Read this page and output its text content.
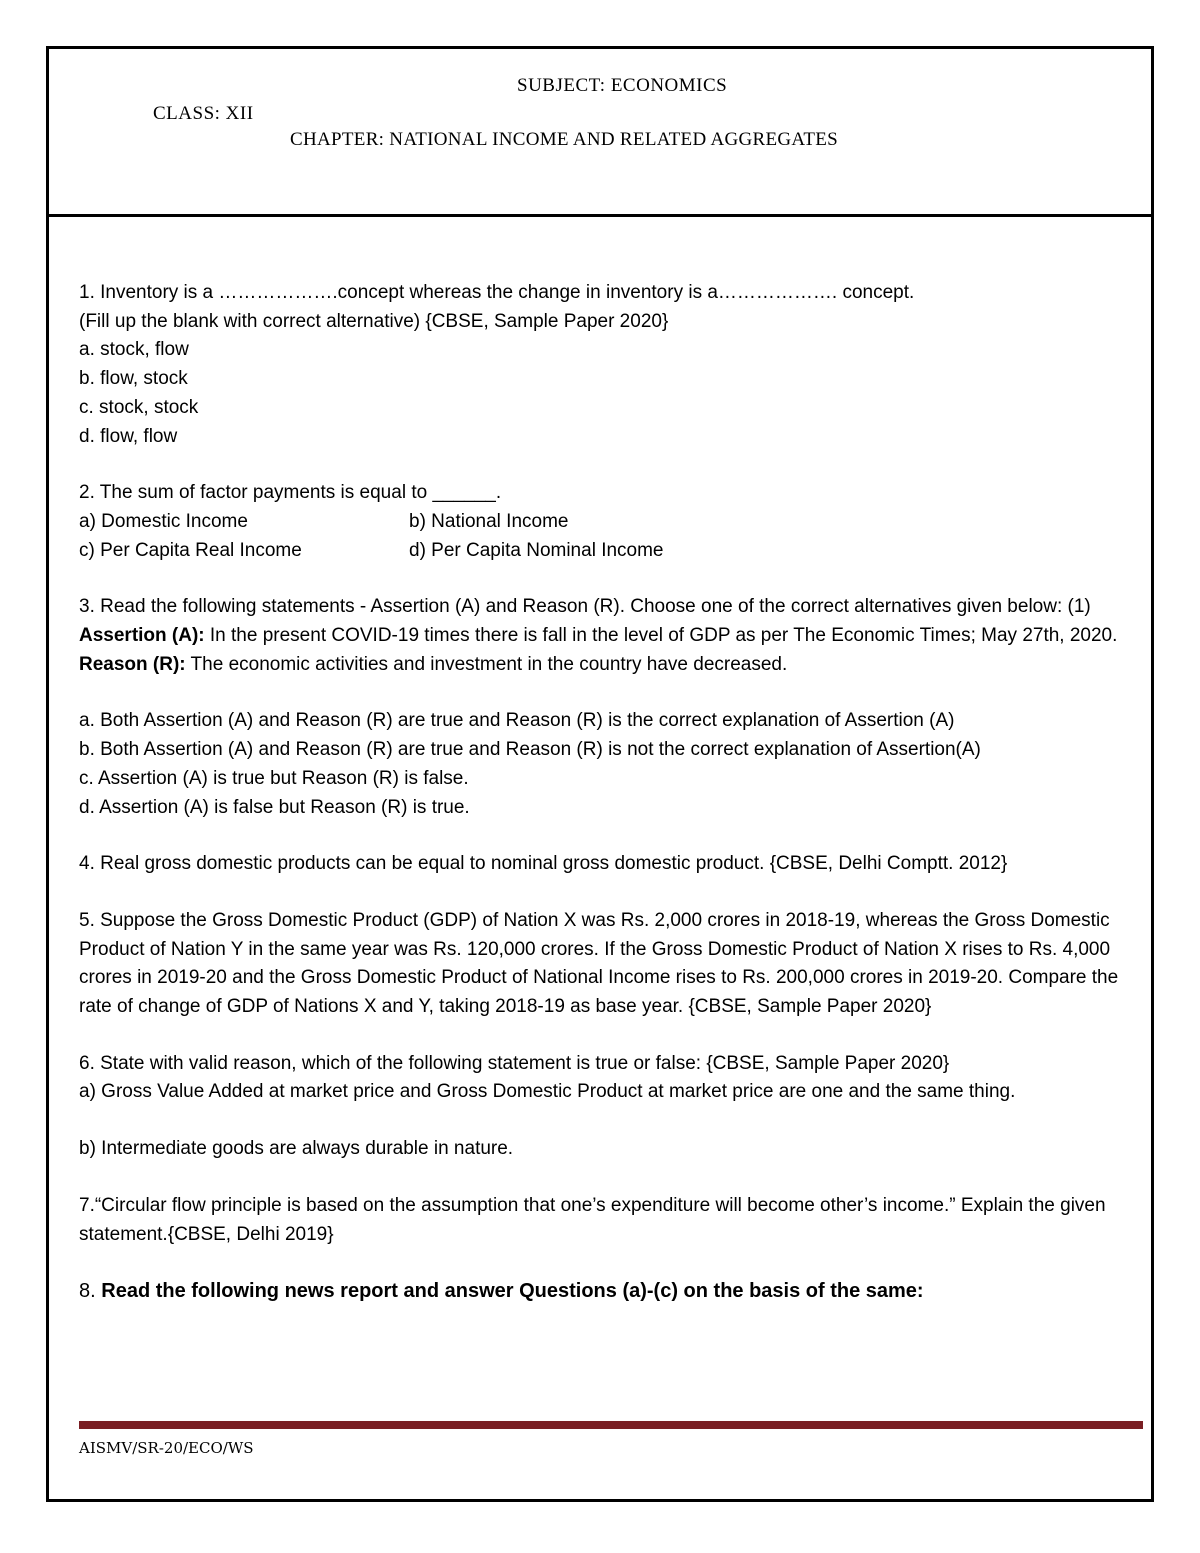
SUBJECT: ECONOMICS
CLASS: XII
CHAPTER: NATIONAL INCOME AND RELATED AGGREGATES

1. Inventory is a ……………….concept whereas the change in inventory is a………………. concept.

(Fill up the blank with correct alternative) {CBSE, Sample Paper 2020}

a. stock, flow

b. flow, stock

c. stock, stock

d. flow, flow

2. The sum of factor payments is equal to ______.

a) Domestic Income	b) National Income
c) Per Capita Real Income	d) Per Capita Nominal Income

3. Read the following statements - Assertion (A) and Reason (R). Choose one of the correct alternatives given below: (1)

Assertion (A): In the present COVID-19 times there is fall in the level of GDP as per The Economic Times; May 27th, 2020.

Reason (R): The economic activities and investment in the country have decreased.

a. Both Assertion (A) and Reason (R) are true and Reason (R) is the correct explanation of Assertion (A)

b. Both Assertion (A) and Reason (R) are true and Reason (R) is not the correct explanation of Assertion(A)

c. Assertion (A) is true but Reason (R) is false.

d. Assertion (A) is false but Reason (R) is true.

4. Real gross domestic products can be equal to nominal gross domestic product. {CBSE, Delhi Comptt. 2012}

5. Suppose the Gross Domestic Product (GDP) of Nation X was Rs. 2,000 crores in 2018-19, whereas the Gross Domestic Product of Nation Y in the same year was Rs. 120,000 crores. If the Gross Domestic Product of Nation X rises to Rs. 4,000 crores in 2019-20 and the Gross Domestic Product of National Income rises to Rs. 200,000 crores in 2019-20. Compare the rate of change of GDP of Nations X and Y, taking 2018-19 as base year. {CBSE, Sample Paper 2020}

6. State with valid reason, which of the following statement is true or false: {CBSE, Sample Paper 2020}

a) Gross Value Added at market price and Gross Domestic Product at market price are one and the same thing.

b) Intermediate goods are always durable in nature.

7.“Circular flow principle is based on the assumption that one’s expenditure will become other’s income.” Explain the given statement.{CBSE, Delhi 2019}

8. Read the following news report and answer Questions (a)-(c) on the basis of the same:

AISMV/SR-20/ECO/WS
